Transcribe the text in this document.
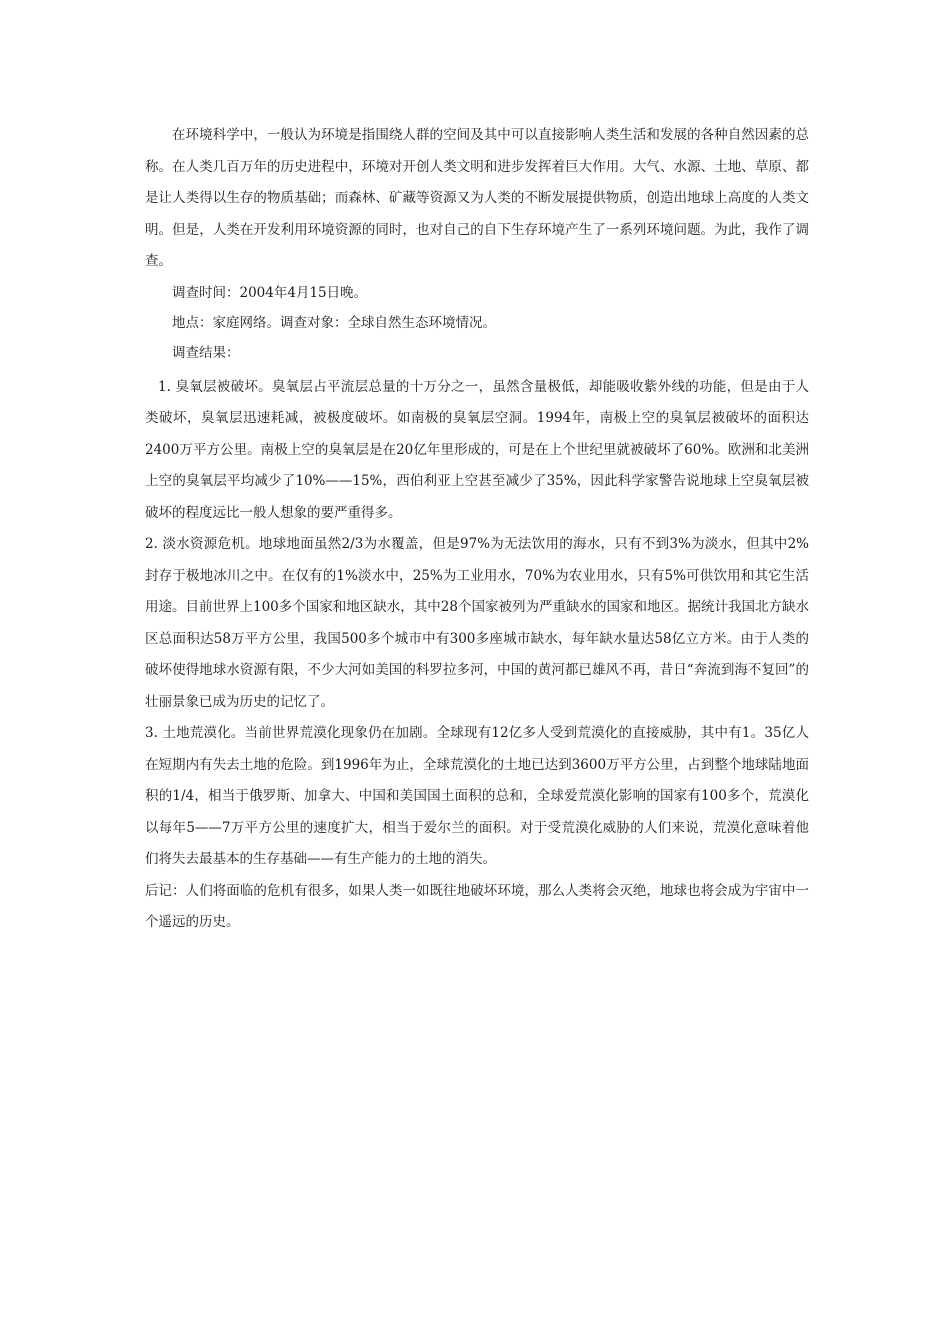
在环境科学中，一般认为环境是指围绕人群的空间及其中可以直接影响人类生活和发展的各种自然因素的总称。在人类几百万年的历史进程中，环境对开创人类文明和进步发挥着巨大作用。大气、水源、土地、草原、都是让人类得以生存的物质基础；而森林、矿藏等资源又为人类的不断发展提供物质，创造出地球上高度的人类文明。但是，人类在开发利用环境资源的同时，也对自己的自下生存环境产生了一系列环境问题。为此，我作了调查。

调查时间：2004年4月15日晚。

地点：家庭网络。调查对象：全球自然生态环境情况。

调查结果：

1. 臭氧层被破坏。臭氧层占平流层总量的十万分之一，虽然含量极低，却能吸收紫外线的功能，但是由于人类破坏，臭氧层迅速耗减，被极度破坏。如南极的臭氧层空洞。1994年，南极上空的臭氧层被破坏的面积达2400万平方公里。南极上空的臭氧层是在20亿年里形成的，可是在上个世纪里就被破坏了60%。欧洲和北美洲上空的臭氧层平均减少了10%——15%，西伯利亚上空甚至减少了35%，因此科学家警告说地球上空臭氧层被破坏的程度远比一般人想象的要严重得多。

2. 淡水资源危机。地球地面虽然2/3为水覆盖，但是97%为无法饮用的海水，只有不到3%为淡水，但其中2%封存于极地冰川之中。在仅有的1%淡水中，25%为工业用水，70%为农业用水，只有5%可供饮用和其它生活用途。目前世界上100多个国家和地区缺水，其中28个国家被列为严重缺水的国家和地区。据统计我国北方缺水区总面积达58万平方公里，我国500多个城市中有300多座城市缺水，每年缺水量达58亿立方米。由于人类的破坏使得地球水资源有限，不少大河如美国的科罗拉多河，中国的黄河都已雄风不再，昔日“奔流到海不复回”的壮丽景象已成为历史的记忆了。

3. 土地荒漠化。当前世界荒漠化现象仍在加剧。全球现有12亿多人受到荒漠化的直接威胁，其中有1。35亿人在短期内有失去土地的危险。到1996年为止，全球荒漠化的土地已达到3600万平方公里，占到整个地球陆地面积的1/4，相当于俄罗斯、加拿大、中国和美国国土面积的总和，全球爱荒漠化影响的国家有100多个，荒漠化以每年5——7万平方公里的速度扩大，相当于爱尔兰的面积。对于受荒漠化威胁的人们来说，荒漠化意味着他们将失去最基本的生存基础——有生产能力的土地的消失。

后记：人们将面临的危机有很多，如果人类一如既往地破坏环境，那么人类将会灭绝，地球也将会成为宇宙中一个遥远的历史。
